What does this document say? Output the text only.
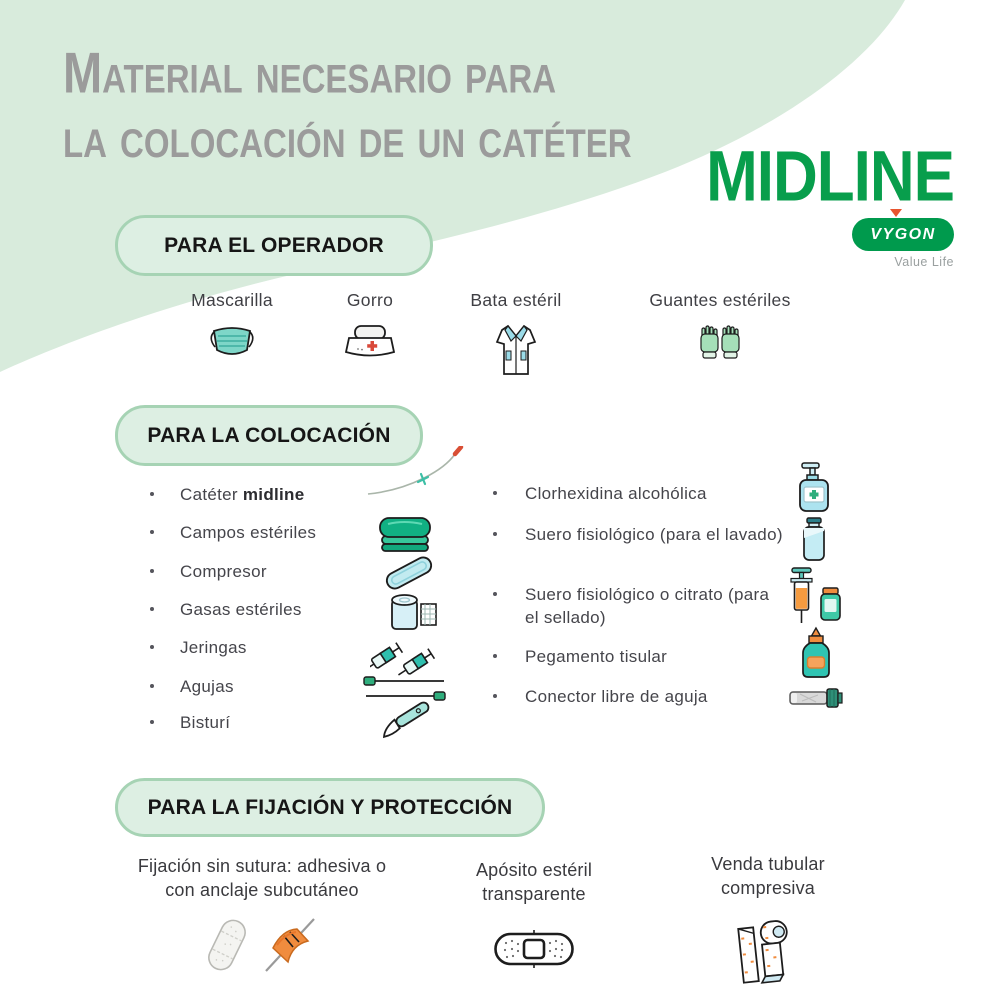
Material necesario para
la colocación de un catéter
MIDLINE
VYGON
Value Life
PARA EL OPERADOR
Mascarilla	Gorro	Bata estéril	Guantes estériles
PARA LA COLOCACIÓN
Catéter midline
Campos estériles
Compresor
Gasas estériles
Jeringas
Agujas
Bisturí
Clorhexidina alcohólica
Suero fisiológico (para el lavado)
Suero fisiológico o citrato (para el sellado)
Pegamento tisular
Conector libre de aguja
PARA LA FIJACIÓN Y PROTECCIÓN
Fijación sin sutura: adhesiva o con anclaje subcutáneo
Apósito estéril transparente
Venda tubular compresiva
